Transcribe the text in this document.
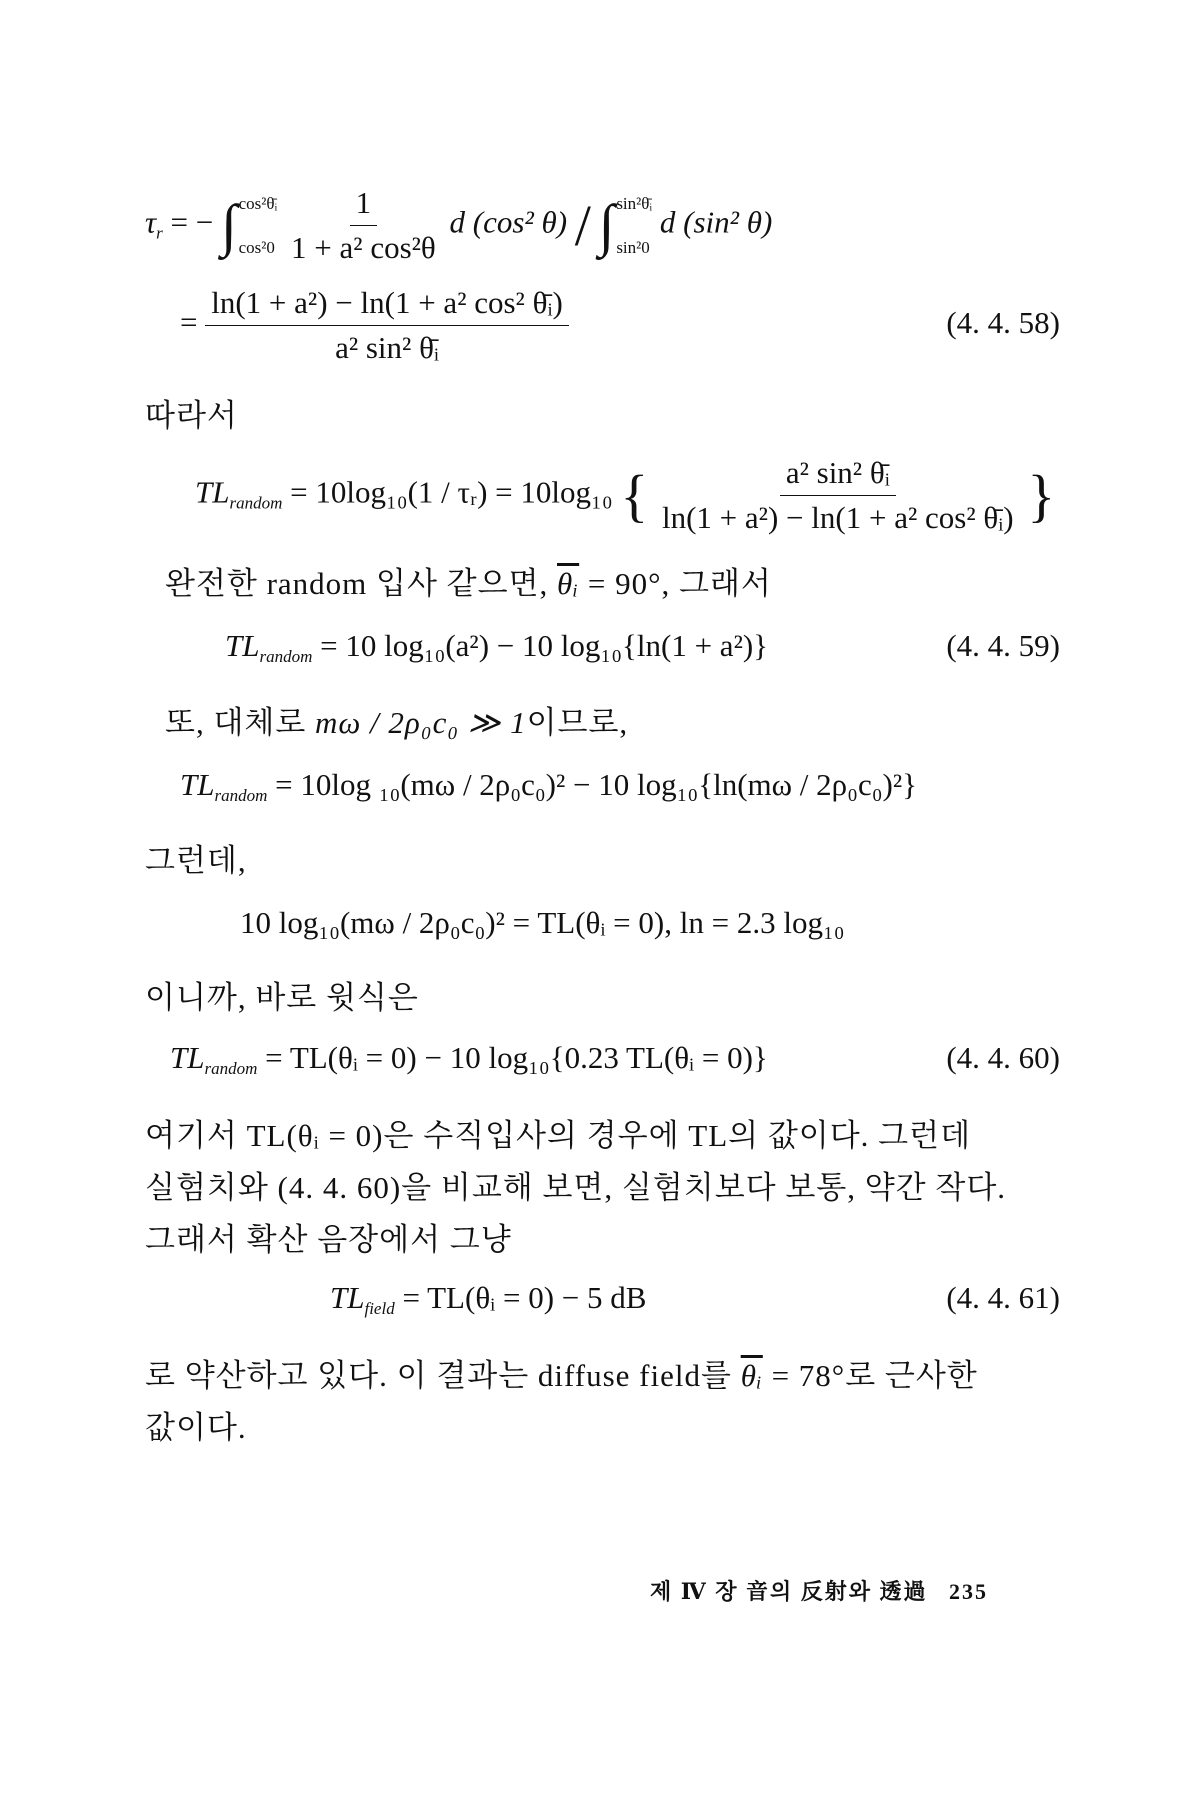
$\tau_r$ = − ∫ cos²θ̄ᵢ
cos²0
$\frac{1}{\text{1 + a² cos²θ}}$ d (cos² θ) / ∫ sin²θ̄ᵢ
sin²0
d (sin² θ)
= $\frac{\text{ln(1 + a²) − ln(1 + a² cos² θ̄ᵢ)}}{\text{a² sin² θ̄ᵢ}}$	(4. 4. 58)
따라서
$TL_{random} = 10\log_{10}(1$ / τᵣ) = 10log₁₀ { $\frac{\text{a² sin² θ̄ᵢ}}{\text{ln(1 + a²) − ln(1 + a² cos² θ̄ᵢ)}}$ }
완전한 random 입사 같으면, $\overline{\theta ᵢ} = 90^\circ$, 그래서
$TL_{random} = 10$ log₁₀(a²) − 10 log₁₀{ln(1 + a²)}	(4. 4. 59)
또, 대체로 mω / 2ρ₀c₀ ≫ 1이므로,
$TL_{random} = 10\log$ ₁₀(mω / 2ρ₀c₀)² − 10 log₁₀{ln(mω / 2ρ₀c₀)²}
그런데,
10 log₁₀(mω / 2ρ₀c₀)² = TL(θᵢ = 0), ln = 2.3 log₁₀
이니까, 바로 윗식은
$TL_{random}$ = TL(θᵢ = 0) − 10 log₁₀{0.23 TL(θᵢ = 0)}	(4. 4. 60)
여기서 TL(θᵢ = 0)은 수직입사의 경우에 TL의 값이다. 그런데
실험치와 (4. 4. 60)을 비교해 보면, 실험치보다 보통, 약간 작다.
그래서 확산 음장에서 그냥
$TL_{field}$ = TL(θᵢ = 0) − 5 dB	(4. 4. 61)
로 약산하고 있다. 이 결과는 diffuse field를 $\overline{\theta ᵢ} = 78^\circ$로 근사한
값이다.
제 Ⅳ 장 音의 反射와 透過 235
